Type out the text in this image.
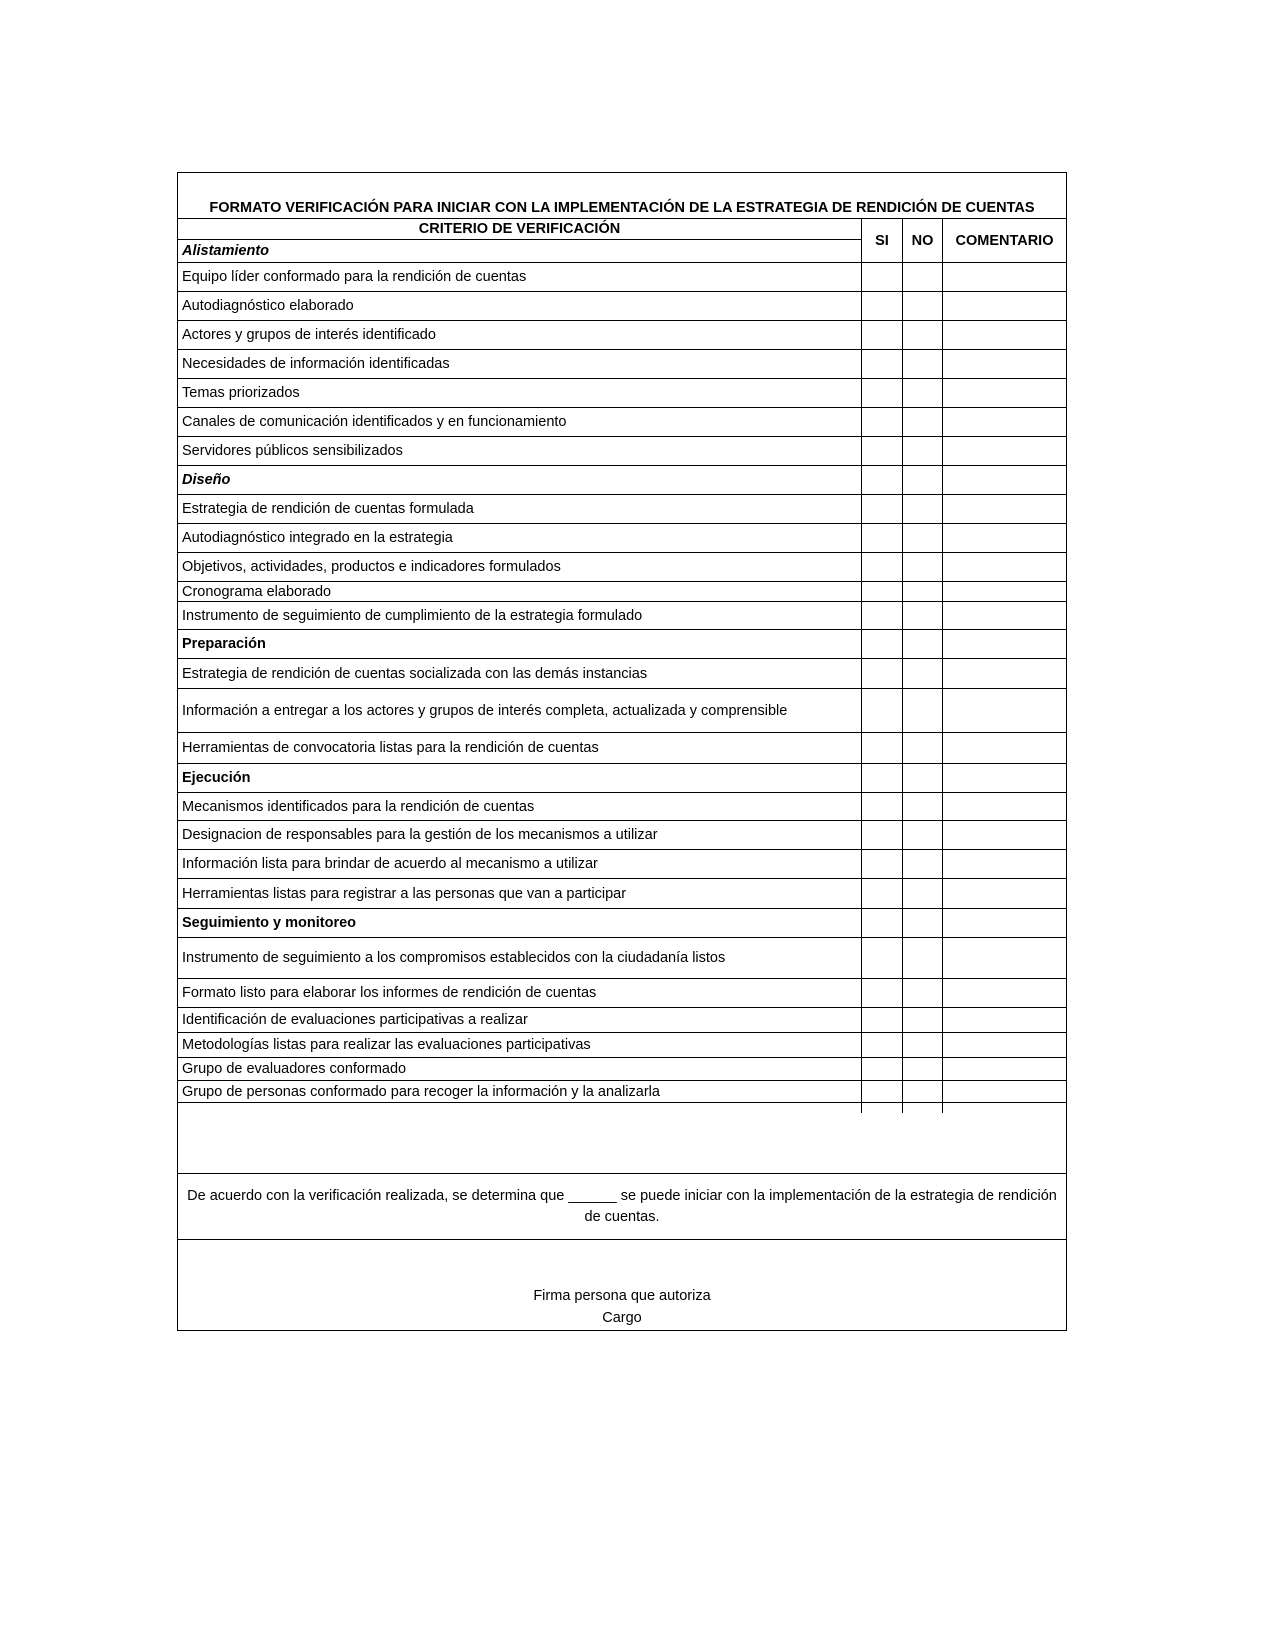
FORMATO VERIFICACIÓN PARA INICIAR CON LA IMPLEMENTACIÓN DE LA ESTRATEGIA DE RENDICIÓN DE CUENTAS
CRITERIO DE VERIFICACIÓN
SI	NO	COMENTARIO
Alistamiento
Equipo líder conformado para la rendición de cuentas
Autodiagnóstico elaborado
Actores y grupos de interés identificado
Necesidades de información identificadas
Temas priorizados
Canales de comunicación identificados y en funcionamiento
Servidores públicos sensibilizados
Diseño
Estrategia de rendición de cuentas formulada
Autodiagnóstico integrado en la estrategia
Objetivos, actividades, productos e indicadores formulados
Cronograma elaborado
Instrumento de seguimiento de cumplimiento de la estrategia formulado
Preparación
Estrategia de rendición de cuentas socializada con las demás instancias
Información a entregar a los actores y grupos de interés completa, actualizada y comprensible
Herramientas de convocatoria listas para la rendición de cuentas
Ejecución
Mecanismos identificados para la rendición de cuentas
Designacion de responsables para la gestión de los mecanismos a utilizar
Información lista para brindar de acuerdo al mecanismo a utilizar
Herramientas listas para registrar a las personas que van a participar
Seguimiento y monitoreo
Instrumento de seguimiento a los compromisos establecidos con la ciudadanía listos
Formato listo para elaborar los informes de rendición de cuentas
Identificación de evaluaciones participativas a realizar
Metodologías listas para realizar las evaluaciones participativas
Grupo de evaluadores conformado
Grupo de personas conformado para recoger la información y la analizarla
De acuerdo con la verificación realizada, se determina que ______ se puede iniciar con la implementación de la estrategia de rendición de cuentas.
Firma persona que autoriza
Cargo
